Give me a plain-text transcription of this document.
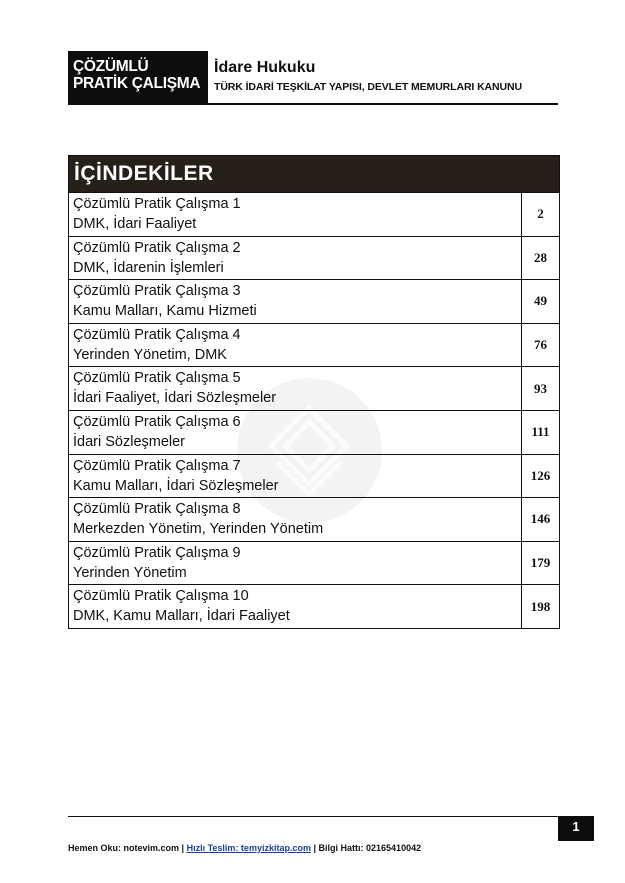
ÇÖZÜMLÜ
PRATİK ÇALIŞMA
İdare Hukuku
TÜRK İDARİ TEŞKİLAT YAPISI, DEVLET MEMURLARI KANUNU
İÇİNDEKİLER
Çözümlü Pratik Çalışma 1
DMK, İdari Faaliyet
2
Çözümlü Pratik Çalışma 2
DMK, İdarenin İşlemleri
28
Çözümlü Pratik Çalışma 3
Kamu Malları, Kamu Hizmeti
49
Çözümlü Pratik Çalışma 4
Yerinden Yönetim, DMK
76
Çözümlü Pratik Çalışma 5
İdari Faaliyet, İdari Sözleşmeler
93
Çözümlü Pratik Çalışma 6
İdari Sözleşmeler
111
Çözümlü Pratik Çalışma 7
Kamu Malları, İdari Sözleşmeler
126
Çözümlü Pratik Çalışma 8
Merkezden Yönetim, Yerinden Yönetim
146
Çözümlü Pratik Çalışma 9
Yerinden Yönetim
179
Çözümlü Pratik Çalışma 10
DMK, Kamu Malları, İdari Faaliyet
198
1
Hemen Oku: notevim.com | Hızlı Teslim: temyizkitap.com | Bilgi Hattı: 02165410042
